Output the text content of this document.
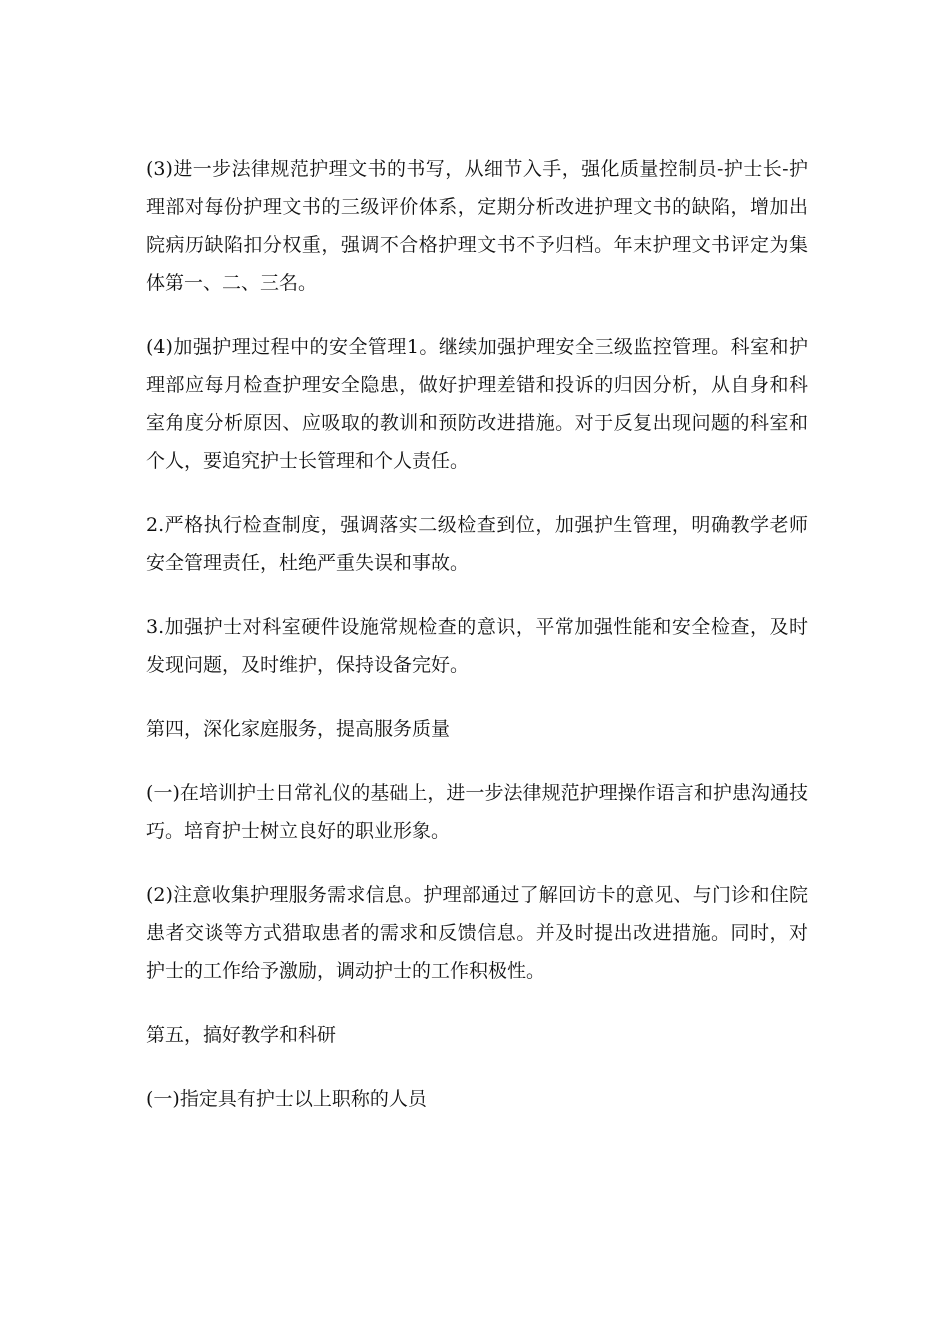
(3)进一步法律规范护理文书的书写，从细节入手，强化质量控制员-护士长-护理部对每份护理文书的三级评价体系，定期分析改进护理文书的缺陷，增加出院病历缺陷扣分权重，强调不合格护理文书不予归档。年末护理文书评定为集体第一、二、三名。

(4)加强护理过程中的安全管理1。继续加强护理安全三级监控管理。科室和护理部应每月检查护理安全隐患，做好护理差错和投诉的归因分析，从自身和科室角度分析原因、应吸取的教训和预防改进措施。对于反复出现问题的科室和个人，要追究护士长管理和个人责任。

2.严格执行检查制度，强调落实二级检查到位，加强护生管理，明确教学老师安全管理责任，杜绝严重失误和事故。

3.加强护士对科室硬件设施常规检查的意识，平常加强性能和安全检查，及时发现问题，及时维护，保持设备完好。

第四，深化家庭服务，提高服务质量

(一)在培训护士日常礼仪的基础上，进一步法律规范护理操作语言和护患沟通技巧。培育护士树立良好的职业形象。

(2)注意收集护理服务需求信息。护理部通过了解回访卡的意见、与门诊和住院患者交谈等方式猎取患者的需求和反馈信息。并及时提出改进措施。同时，对护士的工作给予激励，调动护士的工作积极性。

第五，搞好教学和科研

(一)指定具有护士以上职称的人员
